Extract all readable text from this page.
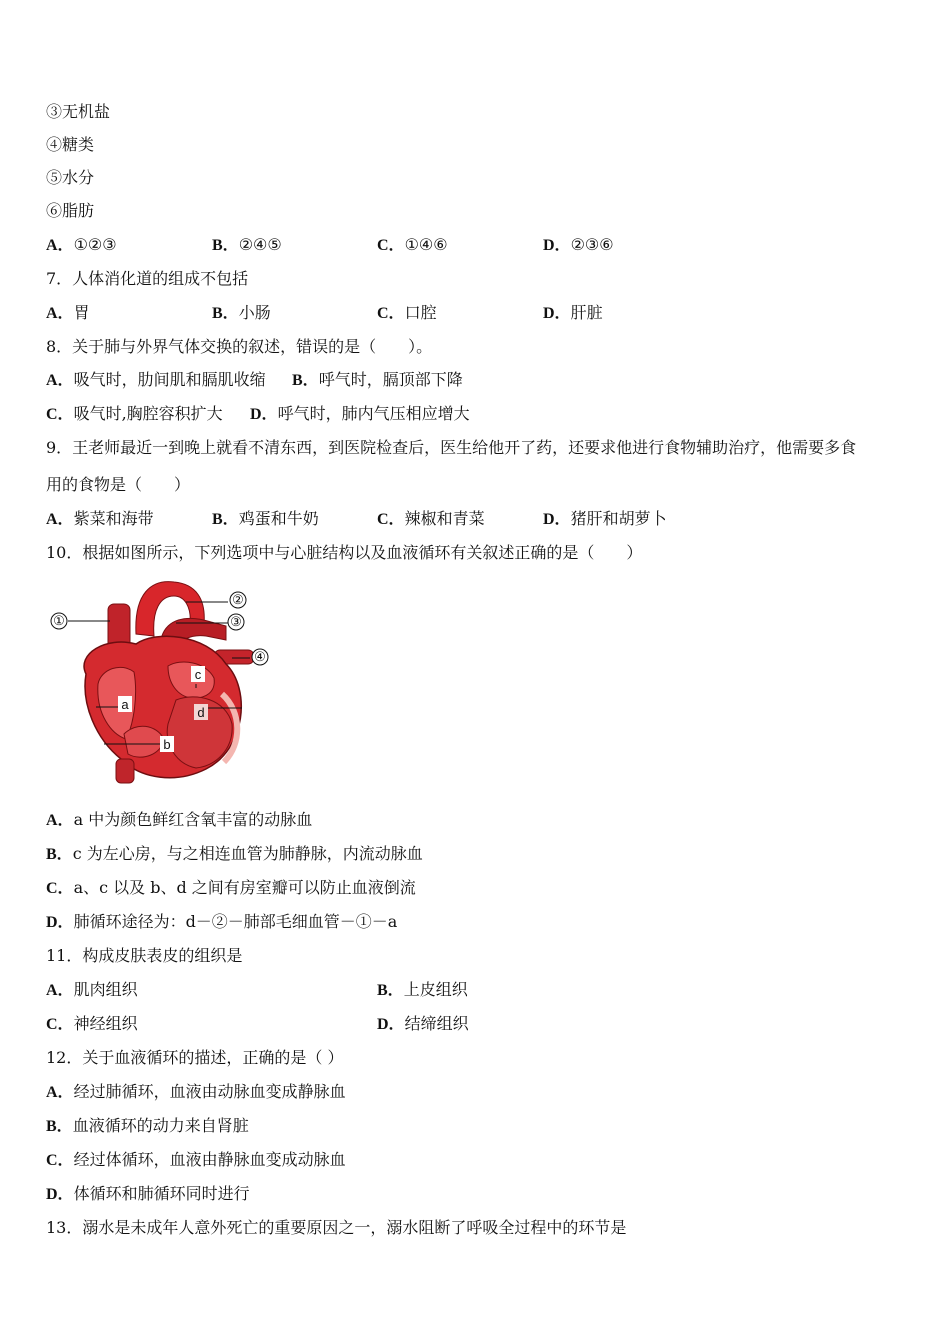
③无机盐
④糖类
⑤水分
⑥脂肪
A．①②③	B．②④⑤	C．①④⑥	D．②③⑥
7．人体消化道的组成不包括
A．胃	B．小肠	C．口腔	D．肝脏
8．关于肺与外界气体交换的叙述，错误的是（　　）。
A．吸气时，肋间肌和膈肌收缩 B．呼气时，膈顶部下降
C．吸气时,胸腔容积扩大 D．呼气时，肺内气压相应增大
9．王老师最近一到晚上就看不清东西，到医院检查后，医生给他开了药，还要求他进行食物辅助治疗，他需要多食
用的食物是（　　）
A．紫菜和海带	B．鸡蛋和牛奶	C．辣椒和青菜	D．猪肝和胡萝卜
10．根据如图所示，下列选项中与心脏结构以及血液循环有关叙述正确的是（　　）
①
②
③
④
a
b
c
d
A．a 中为颜色鲜红含氧丰富的动脉血
B．c 为左心房，与之相连血管为肺静脉，内流动脉血
C．a、c 以及 b、d 之间有房室瓣可以防止血液倒流
D．肺循环途径为：d－②－肺部毛细血管－①－a
11．构成皮肤表皮的组织是
A．肌肉组织	B．上皮组织
C．神经组织	D．结缔组织
12．关于血液循环的描述，正确的是（ ）
A．经过肺循环，血液由动脉血变成静脉血
B．血液循环的动力来自肾脏
C．经过体循环，血液由静脉血变成动脉血
D．体循环和肺循环同时进行
13．溺水是未成年人意外死亡的重要原因之一，溺水阻断了呼吸全过程中的环节是
